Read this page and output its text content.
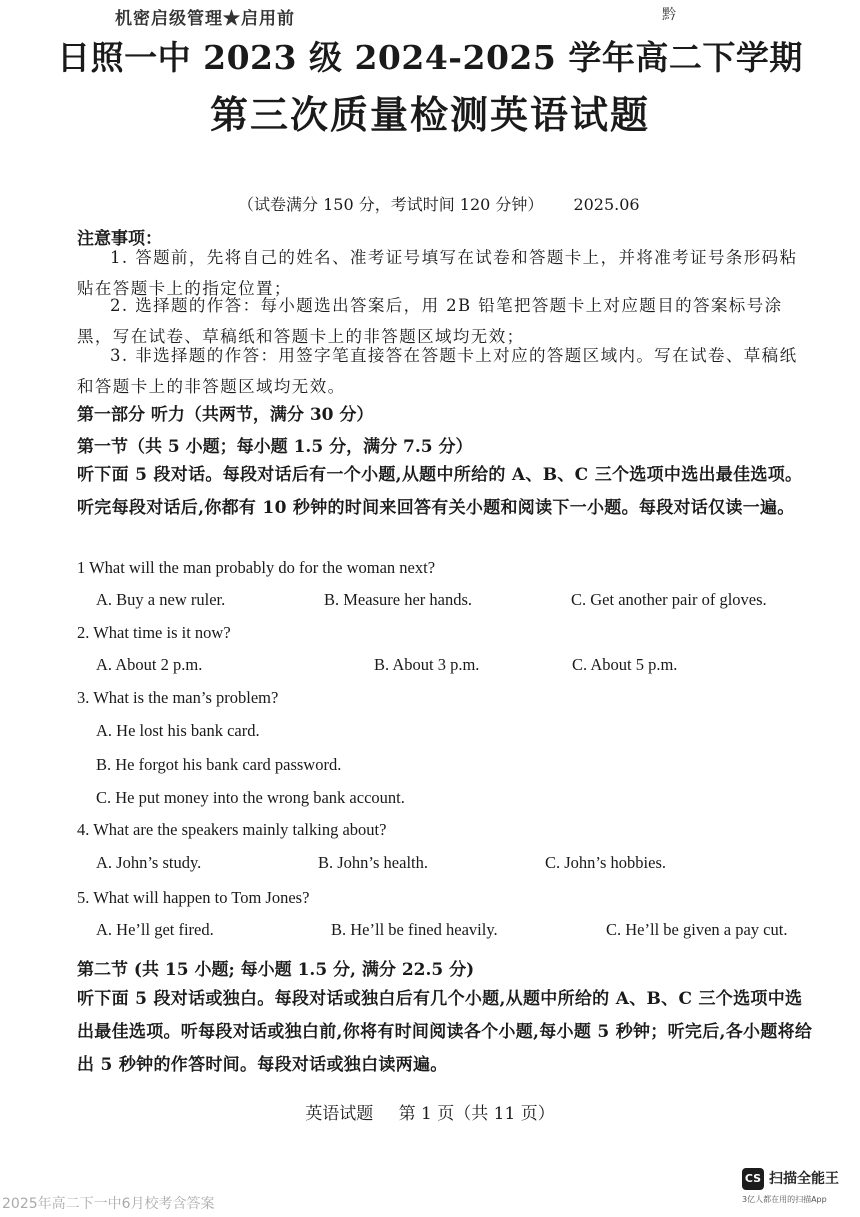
机密启级管理★启用前	黔
日照一中 2023 级 2024-2025 学年高二下学期
第三次质量检测英语试题
（试卷满分 150 分，考试时间 120 分钟） 2025.06
注意事项：
1. 答题前，先将自己的姓名、准考证号填写在试卷和答题卡上，并将准考证号条形码粘贴在答题卡上的指定位置；
2. 选择题的作答：每小题选出答案后，用 2B 铅笔把答题卡上对应题目的答案标号涂黑，写在试卷、草稿纸和答题卡上的非答题区域均无效；
3. 非选择题的作答：用签字笔直接答在答题卡上对应的答题区域内。写在试卷、草稿纸和答题卡上的非答题区域均无效。
第一部分 听力（共两节，满分 30 分）
第一节（共 5 小题；每小题 1.5 分，满分 7.5 分）
听下面 5 段对话。每段对话后有一个小题,从题中所给的 A、B、C 三个选项中选出最佳选项。听完每段对话后,你都有 10 秒钟的时间来回答有关小题和阅读下一小题。每段对话仅读一遍。
1 What will the man probably do for the woman next?
A. Buy a new ruler.	B. Measure her hands.	C. Get another pair of gloves.
2. What time is it now?
A. About 2 p.m.	B. About 3 p.m.	C. About 5 p.m.
3. What is the man’s problem?
A. He lost his bank card.
B. He forgot his bank card password.
C. He put money into the wrong bank account.
4. What are the speakers mainly talking about?
A. John’s study.	B. John’s health.	C. John’s hobbies.
5. What will happen to Tom Jones?
A. He’ll get fired.	B. He’ll be fined heavily.	C. He’ll be given a pay cut.
第二节 (共 15 小题; 每小题 1.5 分, 满分 22.5 分)
听下面 5 段对话或独白。每段对话或独白后有几个小题,从题中所给的 A、B、C 三个选项中选出最佳选项。听每段对话或独白前,你将有时间阅读各个小题,每小题 5 秒钟；听完后,各小题将给出 5 秒钟的作答时间。每段对话或独白读两遍。
英语试题 第 1 页（共 11 页）
2025年高二下一中6月校考含答案
CS 扫描全能王
3亿人都在用的扫描App
